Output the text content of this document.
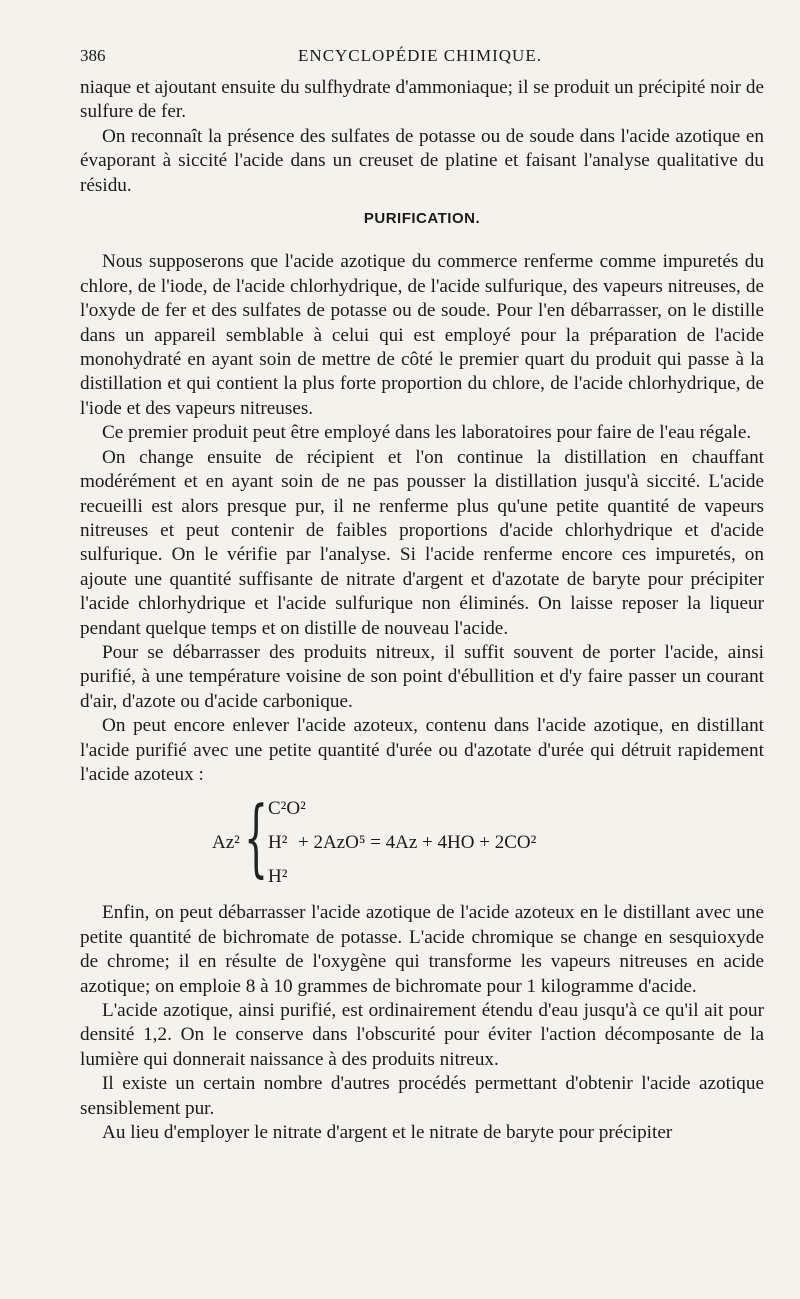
386	ENCYCLOPÉDIE CHIMIQUE.

niaque et ajoutant ensuite du sulfhydrate d'ammoniaque; il se produit un précipité noir de sulfure de fer.

On reconnaît la présence des sulfates de potasse ou de soude dans l'acide azotique en évaporant à siccité l'acide dans un creuset de platine et faisant l'analyse qualitative du résidu.

PURIFICATION.

Nous supposerons que l'acide azotique du commerce renferme comme impuretés du chlore, de l'iode, de l'acide chlorhydrique, de l'acide sulfurique, des vapeurs nitreuses, de l'oxyde de fer et des sulfates de potasse ou de soude. Pour l'en débarrasser, on le distille dans un appareil semblable à celui qui est employé pour la préparation de l'acide monohydraté en ayant soin de mettre de côté le premier quart du produit qui passe à la distillation et qui contient la plus forte proportion du chlore, de l'acide chlorhydrique, de l'iode et des vapeurs nitreuses.

Ce premier produit peut être employé dans les laboratoires pour faire de l'eau régale.

On change ensuite de récipient et l'on continue la distillation en chauffant modérément et en ayant soin de ne pas pousser la distillation jusqu'à siccité. L'acide recueilli est alors presque pur, il ne renferme plus qu'une petite quantité de vapeurs nitreuses et peut contenir de faibles proportions d'acide chlorhydrique et d'acide sulfurique. On le vérifie par l'analyse. Si l'acide renferme encore ces impuretés, on ajoute une quantité suffisante de nitrate d'argent et d'azotate de baryte pour précipiter l'acide chlorhydrique et l'acide sulfurique non éliminés. On laisse reposer la liqueur pendant quelque temps et on distille de nouveau l'acide.

Pour se débarrasser des produits nitreux, il suffit souvent de porter l'acide, ainsi purifié, à une température voisine de son point d'ébullition et d'y faire passer un courant d'air, d'azote ou d'acide carbonique.

On peut encore enlever l'acide azoteux, contenu dans l'acide azotique, en distillant l'acide purifié avec une petite quantité d'urée ou d'azotate d'urée qui détruit rapidement l'acide azoteux :

Az² { C²O²
H²
H²
+ 2AzO⁵ = 4Az + 4HO + 2CO²

Enfin, on peut débarrasser l'acide azotique de l'acide azoteux en le distillant avec une petite quantité de bichromate de potasse. L'acide chromique se change en sesquioxyde de chrome; il en résulte de l'oxygène qui transforme les vapeurs nitreuses en acide azotique; on emploie 8 à 10 grammes de bichromate pour 1 kilogramme d'acide.

L'acide azotique, ainsi purifié, est ordinairement étendu d'eau jusqu'à ce qu'il ait pour densité 1,2. On le conserve dans l'obscurité pour éviter l'action décomposante de la lumière qui donnerait naissance à des produits nitreux.

Il existe un certain nombre d'autres procédés permettant d'obtenir l'acide azotique sensiblement pur.

Au lieu d'employer le nitrate d'argent et le nitrate de baryte pour précipiter
